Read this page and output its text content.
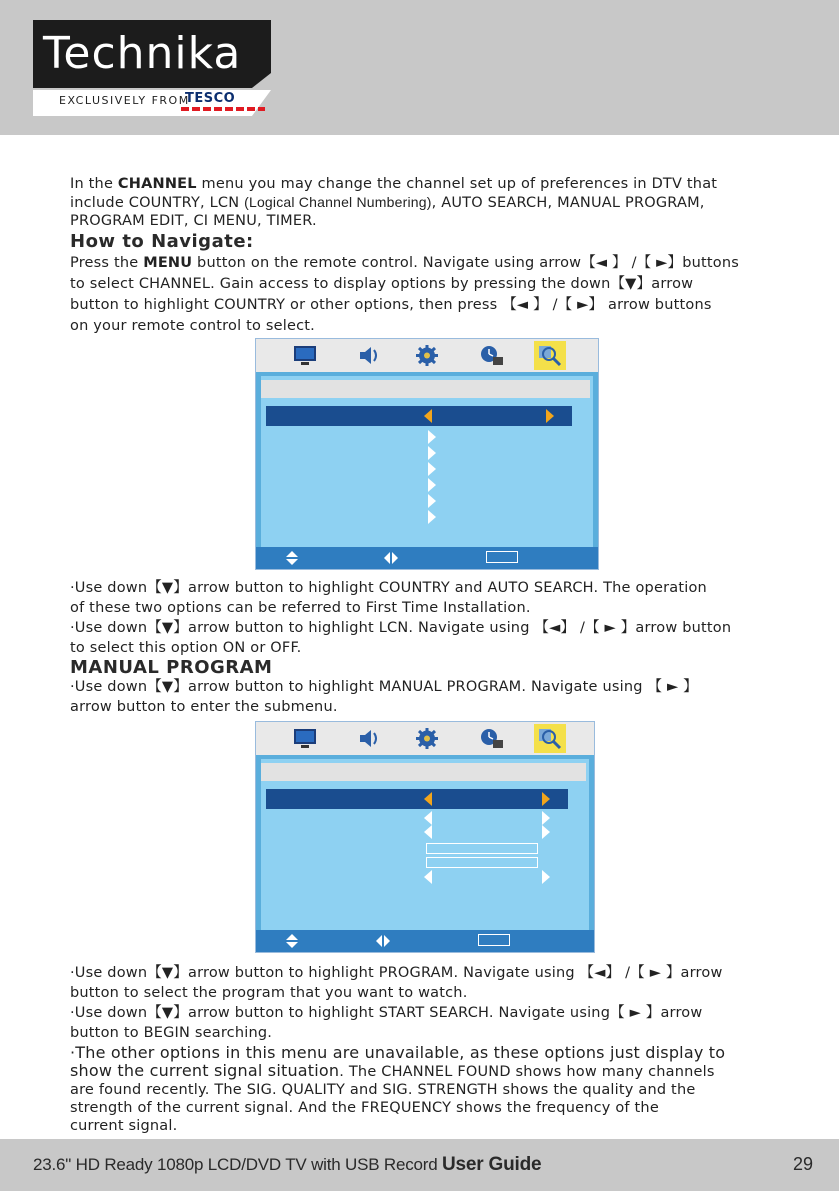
Technika
EXCLUSIVELY FROM
TESCO
In the CHANNEL menu you may change the channel set up of preferences in DTV that
include COUNTRY, LCN (Logical Channel Numbering), AUTO SEARCH, MANUAL PROGRAM,
PROGRAM EDIT, CI MENU, TIMER.
How to Navigate:
Press the MENU button on the remote control. Navigate using arrow【◄ 】 /【 ►】buttons
to select CHANNEL. Gain access to display options by pressing the down【▼】arrow
button to highlight COUNTRY or other options, then press 【◄ 】 /【 ►】 arrow buttons
on your remote control to select.
·Use down【▼】arrow button to highlight COUNTRY and AUTO SEARCH. The operation
of these two options can be referred to First Time Installation.
·Use down【▼】arrow button to highlight LCN. Navigate using 【◄】 /【 ► 】arrow button
to select this option ON or OFF.
MANUAL PROGRAM
·Use down【▼】arrow button to highlight MANUAL PROGRAM. Navigate using 【 ► 】
arrow button to enter the submenu.
·Use down【▼】arrow button to highlight PROGRAM. Navigate using 【◄】 /【 ► 】arrow
button to select the program that you want to watch.
·Use down【▼】arrow button to highlight START SEARCH. Navigate using【 ► 】arrow
button to BEGIN searching.
·The other options in this menu are unavailable, as these options just display to
show the current signal situation. The CHANNEL FOUND shows how many channels
are found recently. The SIG. QUALITY and SIG. STRENGTH shows the quality and the
strength of the current signal. And the FREQUENCY shows the frequency of the
current signal.
23.6" HD Ready 1080p LCD/DVD TV with USB Record User Guide	29
